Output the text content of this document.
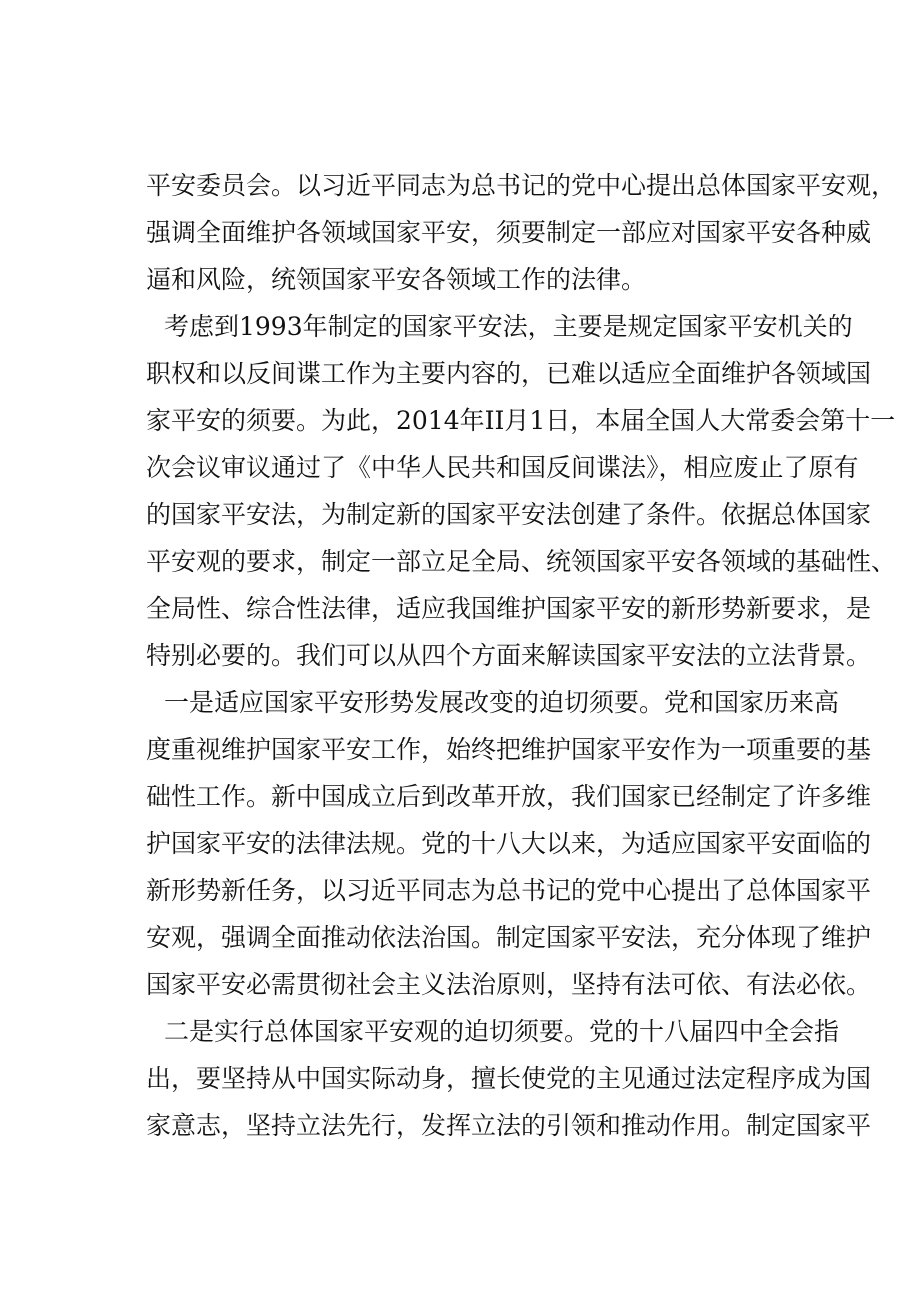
平安委员会。以习近平同志为总书记的党中心提出总体国家平安观，
强调全面维护各领域国家平安，须要制定一部应对国家平安各种威
逼和风险，统领国家平安各领域工作的法律。
考虑到1993年制定的国家平安法，主要是规定国家平安机关的
职权和以反间谍工作为主要内容的，已难以适应全面维护各领域国
家平安的须要。为此，2014年II月1日，本届全国人大常委会第十一
次会议审议通过了《中华人民共和国反间谍法》，相应废止了原有
的国家平安法，为制定新的国家平安法创建了条件。依据总体国家
平安观的要求，制定一部立足全局、统领国家平安各领域的基础性、
全局性、综合性法律，适应我国维护国家平安的新形势新要求，是
特别必要的。我们可以从四个方面来解读国家平安法的立法背景。
一是适应国家平安形势发展改变的迫切须要。党和国家历来高
度重视维护国家平安工作，始终把维护国家平安作为一项重要的基
础性工作。新中国成立后到改革开放，我们国家已经制定了许多维
护国家平安的法律法规。党的十八大以来，为适应国家平安面临的
新形势新任务，以习近平同志为总书记的党中心提出了总体国家平
安观，强调全面推动依法治国。制定国家平安法，充分体现了维护
国家平安必需贯彻社会主义法治原则，坚持有法可依、有法必依。
二是实行总体国家平安观的迫切须要。党的十八届四中全会指
出，要坚持从中国实际动身，擅长使党的主见通过法定程序成为国
家意志，坚持立法先行，发挥立法的引领和推动作用。制定国家平
